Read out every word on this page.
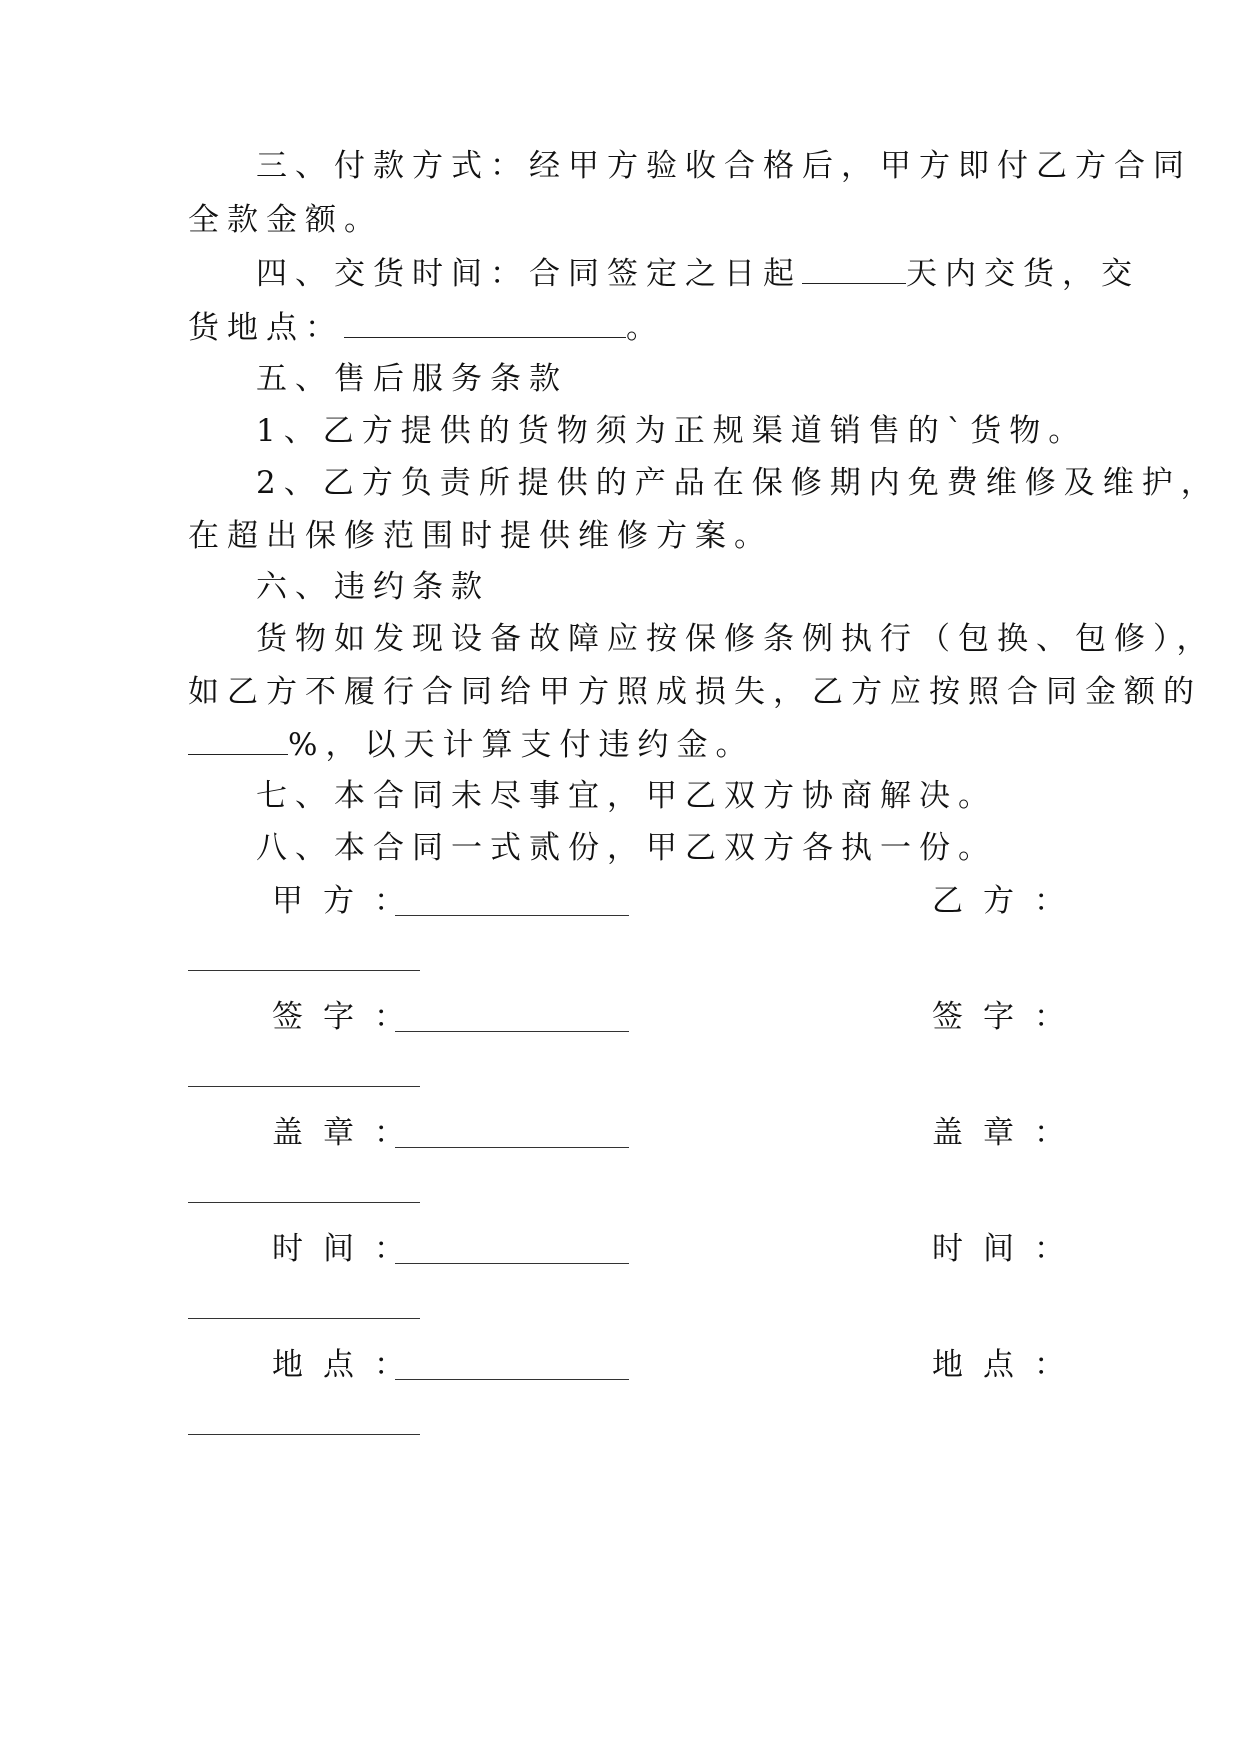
三、付款方式：经甲方验收合格后，甲方即付乙方合同
全款金额。
四、交货时间：合同签定之日起	天内交货，交
货地点：	。
五、售后服务条款
1、乙方提供的货物须为正规渠道销售的`货物。
2、乙方负责所提供的产品在保修期内免费维修及维护，
在超出保修范围时提供维修方案。
六、违约条款
货物如发现设备故障应按保修条例执行（包换、包修），
如乙方不履行合同给甲方照成损失，乙方应按照合同金额的
%，以天计算支付违约金。
七、本合同未尽事宜，甲乙双方协商解决。
八、本合同一式贰份，甲乙双方各执一份。
甲方：	乙方：
签字：	签字：
盖章：	盖章：
时间：	时间：
地点：	地点：
